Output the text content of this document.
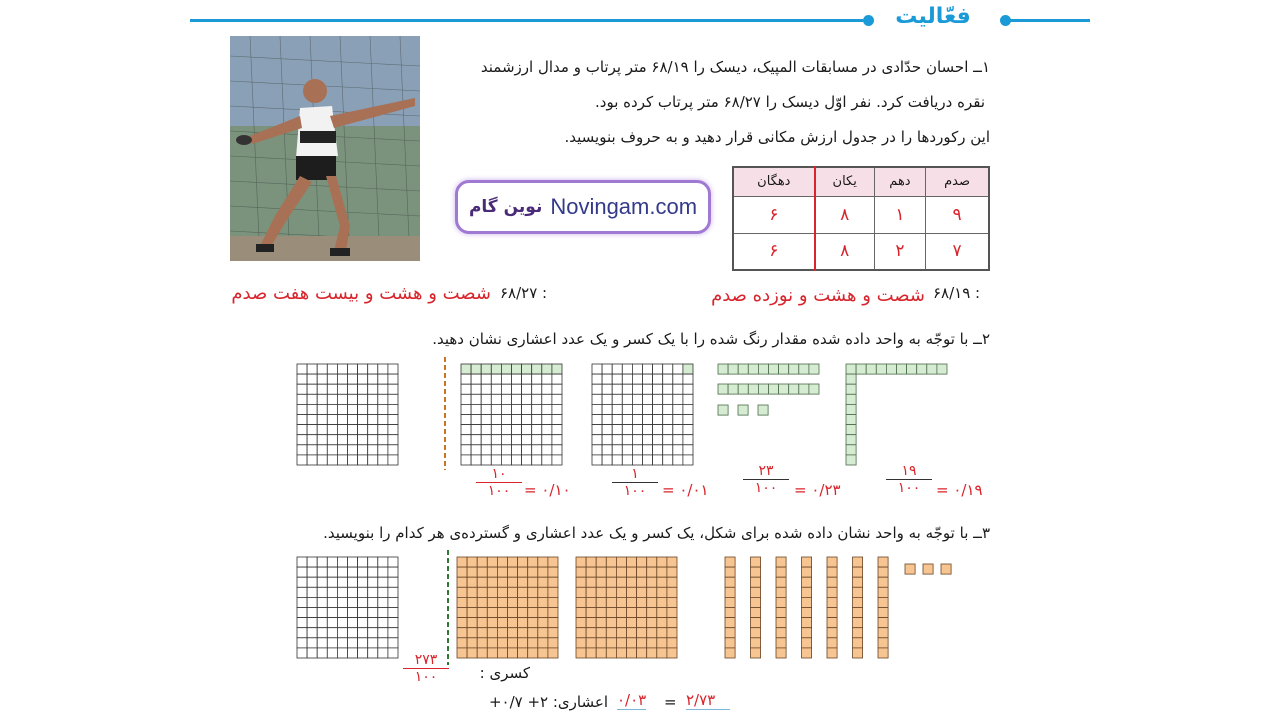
فعّالیت
۱ــ احسان حدّادی در مسابقات المپیک، دیسک را ۶۸/۱۹ متر پرتاب و مدال ارزشمند
نقره دریافت کرد. نفر اوّل دیسک را ۶۸/۲۷ متر پرتاب کرده بود.
این رکوردها را در جدول ارزش مکانی قرار دهید و به حروف بنویسید.
صدم	دهم	یکان	دهگان
۹	۱	۸	۶
۷	۲	۸	۶
نوین گام Novingam.com
۶۸/۱۹ :
شصت و هشت و نوزده صدم
۶۸/۲۷ :
شصت و هشت و بیست هفت صدم
۲ــ با توجّه به واحد داده شده مقدار رنگ شده را با یک کسر و یک عدد اعشاری نشان دهید.
۱۰
۱۰۰ = ۰/۱۰
۱
۱۰۰	= ۰/۰۱
۲۳
۱۰۰	= ۰/۲۳
۱۹
۱۰۰	= ۰/۱۹
۳ــ با توجّه به واحد نشان داده شده برای شکل، یک کسر و یک عدد اعشاری و گسترده‌ی هر کدام را بنویسید.
۲۷۳
۱۰۰	کسری :
اعشاری: ۲+ ۰/۷+ ۰/۰۳ = ۲/۷۳
